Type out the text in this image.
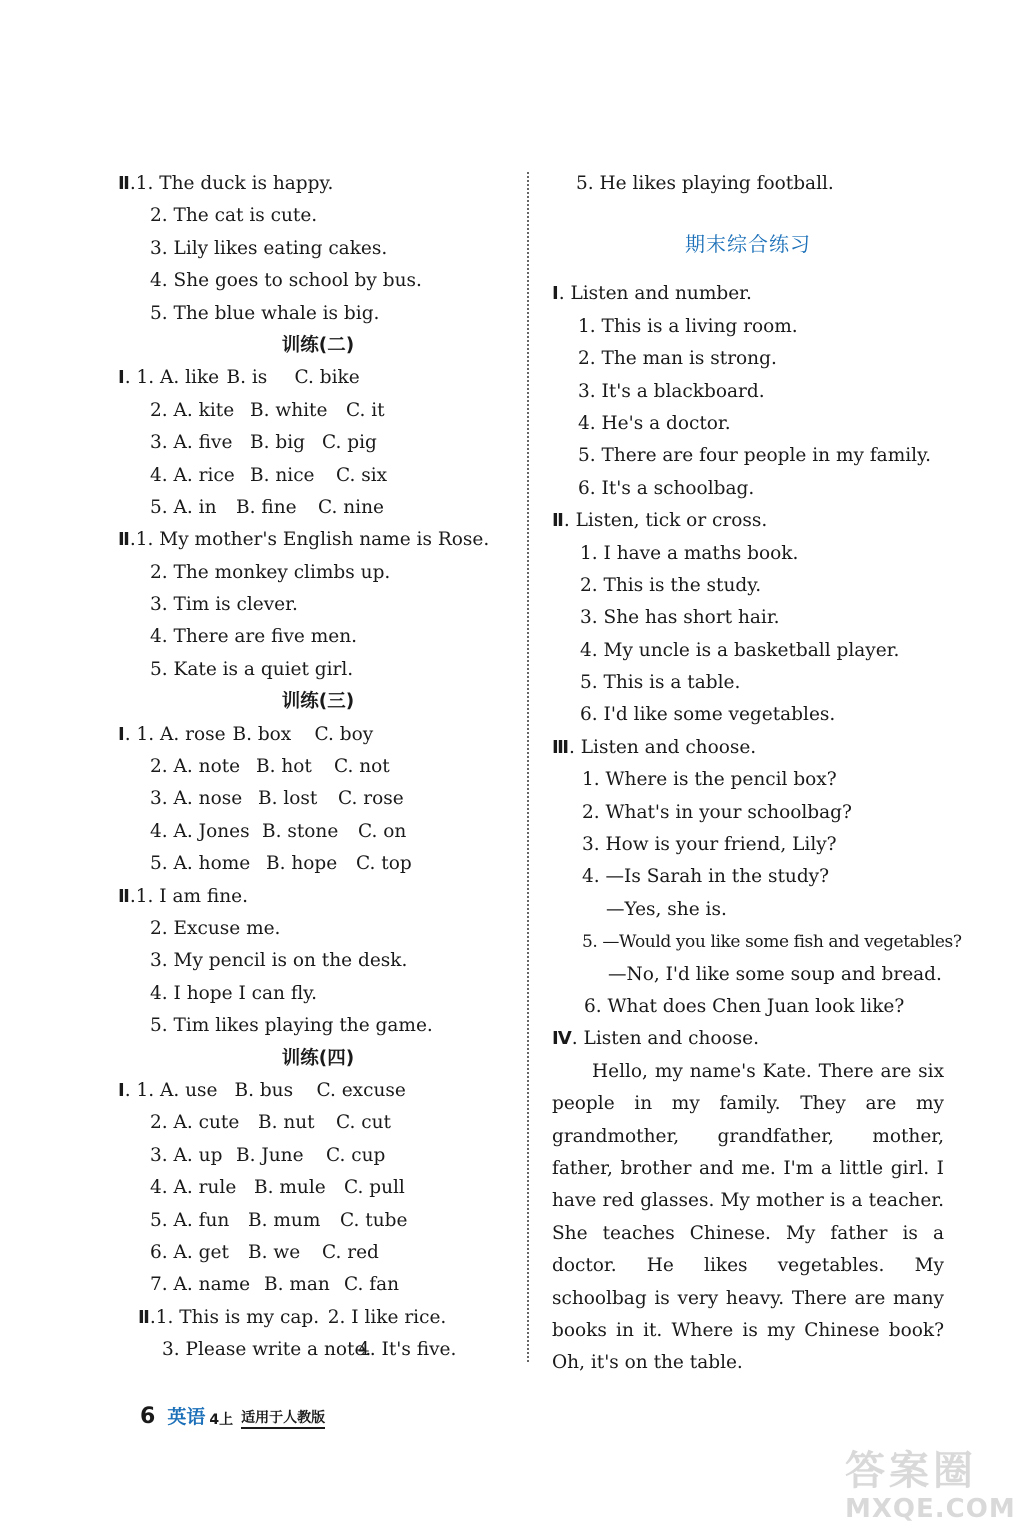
Ⅱ . 1. The duck is happy.
2. The cat is cute.
3. Lily likes eating cakes.
4. She goes to school by bus.
5. The blue whale is big.
训练(二)
Ⅰ . 1. A. like B. is	C. bike
2. A. kite B. white	C. it
3. A. five B. big C. pig
4. A. rice B. nice	C. six
5. A. in	B. fine	C. nine
Ⅱ . 1. My mother's English name is Rose.
2. The monkey climbs up.
3. Tim is clever.
4. There are five men.
5. Kate is a quiet girl.
训练(三)
Ⅰ . 1. A. rose B. box	C. boy
2. A. note B. hot	C. not
3. A. nose B. lost	C. rose
4. A. Jones B. stone	C. on
5. A. home B. hope	C. top
Ⅱ . 1. I am fine.
2. Excuse me.
3. My pencil is on the desk.
4. I hope I can fly.
5. Tim likes playing the game.
训练(四)
Ⅰ . 1. A. use B. bus	C. excuse
2. A. cute	B. nut	C. cut
3. A. up B. June	C. cup
4. A. rule B. mule C. pull
5. A. fun	B. mum	C. tube
6. A. get	B. we	C. red
7. A. name B. man C. fan
Ⅱ . 1. This is my cap. 2. I like rice.
3. Please write a note.
4. It's five.
5. He likes playing football.
期末综合练习
Ⅰ . Listen and number.
1. This is a living room.
2. The man is strong.
3. It's a blackboard.
4. He's a doctor.
5. There are four people in my family.
6. It's a schoolbag.
Ⅱ . Listen, tick or cross.
1. I have a maths book.
2. This is the study.
3. She has short hair.
4. My uncle is a basketball player.
5. This is a table.
6. I'd like some vegetables.
Ⅲ . Listen and choose.
1. Where is the pencil box?
2. What's in your schoolbag?
3. How is your friend, Lily?
4. —Is Sarah in the study?
—Yes, she is.
5. —Would you like some fish and vegetables?
—No, I'd like some soup and bread.
6. What does Chen Juan look like?
Ⅳ . Listen and choose.

Hello, my name's Kate. There are six people in my family. They are my grandmother, grandfather, mother, father, brother and me. I'm a little girl. I have red glasses. My mother is a teacher. She teaches Chinese. My father is a doctor. He likes vegetables. My schoolbag is very heavy. There are many books in it. Where is my Chinese book? Oh, it's on the table.

6 英语 4上 适用于人教版
答案圈
MXQE.COM
